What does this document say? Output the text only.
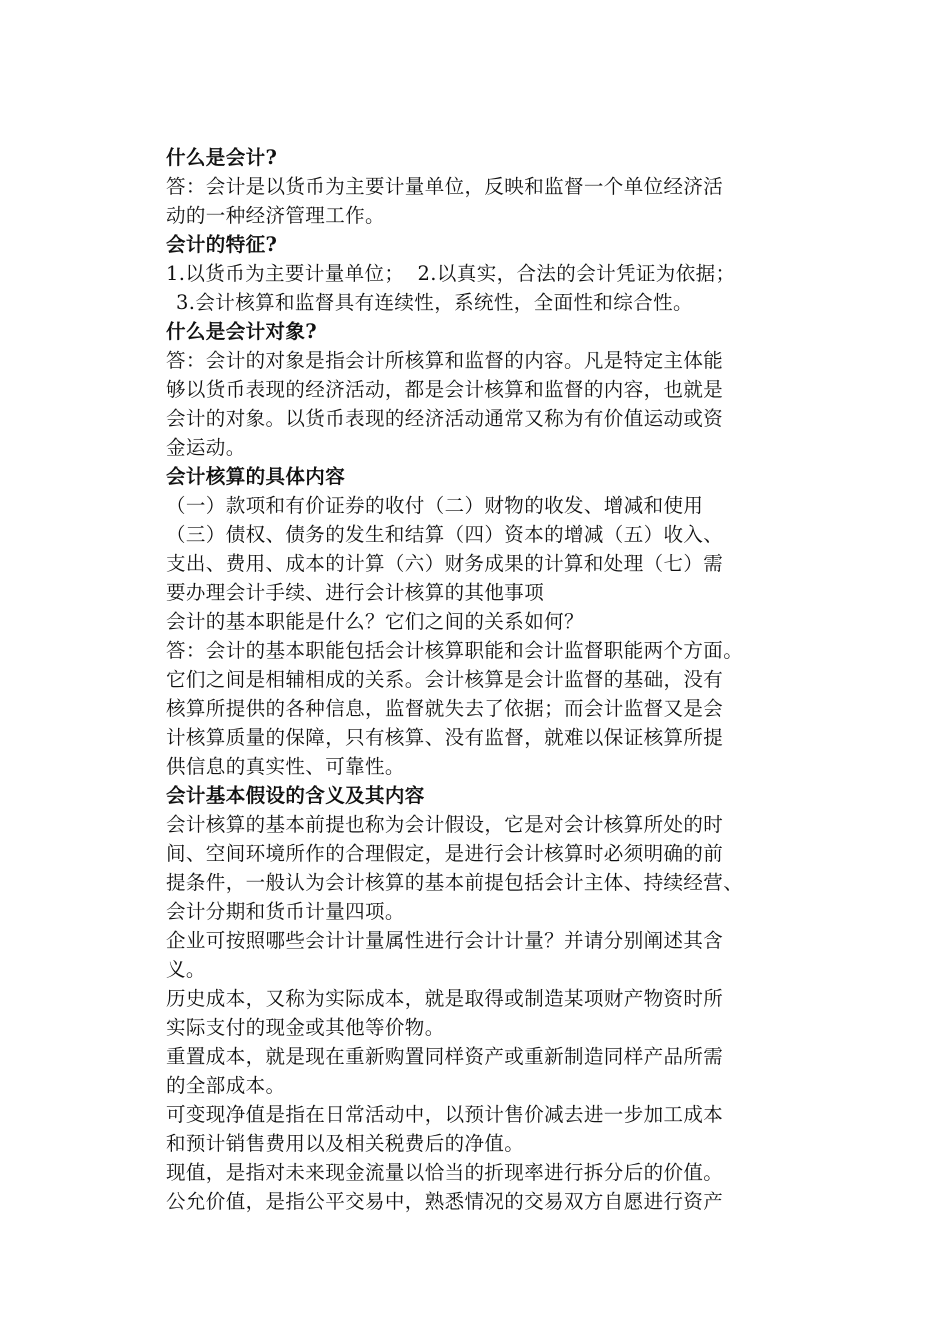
什么是会计?
答：会计是以货币为主要计量单位，反映和监督一个单位经济活
动的一种经济管理工作。
会计的特征?
1.以货币为主要计量单位；  2.以真实，合法的会计凭证为依据；
3.会计核算和监督具有连续性，系统性，全面性和综合性。
什么是会计对象?
答：会计的对象是指会计所核算和监督的内容。凡是特定主体能
够以货币表现的经济活动，都是会计核算和监督的内容，也就是
会计的对象。以货币表现的经济活动通常又称为有价值运动或资
金运动。
会计核算的具体内容
（一）款项和有价证券的收付（二）财物的收发、增减和使用
（三）债权、债务的发生和结算（四）资本的增减（五）收入、
支出、费用、成本的计算（六）财务成果的计算和处理（七）需
要办理会计手续、进行会计核算的其他事项
会计的基本职能是什么？它们之间的关系如何？
答：会计的基本职能包括会计核算职能和会计监督职能两个方面。
它们之间是相辅相成的关系。会计核算是会计监督的基础，没有
核算所提供的各种信息，监督就失去了依据；而会计监督又是会
计核算质量的保障，只有核算、没有监督，就难以保证核算所提
供信息的真实性、可靠性。
会计基本假设的含义及其内容
会计核算的基本前提也称为会计假设，它是对会计核算所处的时
间、空间环境所作的合理假定，是进行会计核算时必须明确的前
提条件，一般认为会计核算的基本前提包括会计主体、持续经营、
会计分期和货币计量四项。
企业可按照哪些会计计量属性进行会计计量？并请分别阐述其含
义。
历史成本，又称为实际成本，就是取得或制造某项财产物资时所
实际支付的现金或其他等价物。
重置成本，就是现在重新购置同样资产或重新制造同样产品所需
的全部成本。
可变现净值是指在日常活动中，以预计售价减去进一步加工成本
和预计销售费用以及相关税费后的净值。
现值，是指对未来现金流量以恰当的折现率进行拆分后的价值。
公允价值，是指公平交易中，熟悉情况的交易双方自愿进行资产
